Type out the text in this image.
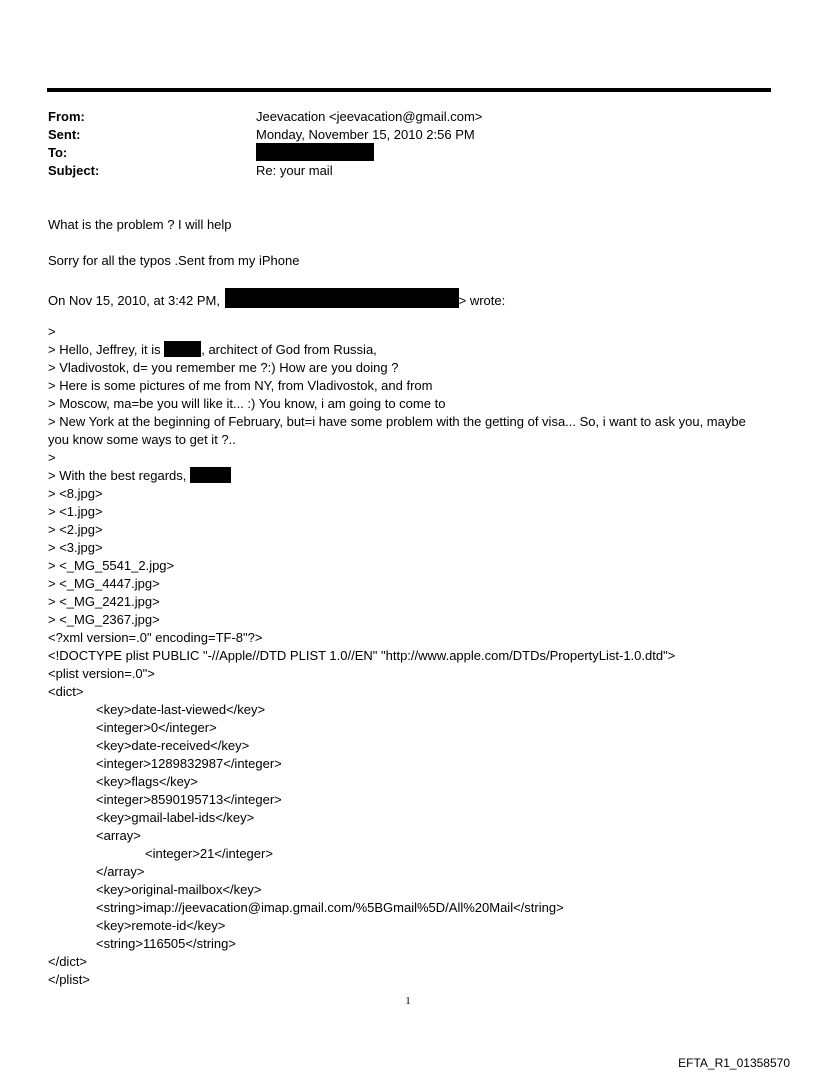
From:	Jeevacation <jeevacation@gmail.com>
Sent:	Monday, November 15, 2010 2:56 PM
To:
Subject:	Re: your mail
What is the problem ? I will help
Sorry for all the typos .Sent from my iPhone
On Nov 15, 2010, at 3:42 PM,	> wrote:
>
> Hello, Jeffrey, it is	, architect of God from Russia,
> Vladivostok, d= you remember me ?:) How are you doing ?
> Here is some pictures of me from NY, from Vladivostok, and from
> Moscow, ma=be you will like it... :) You know, i am going to come to
> New York at the beginning of February, but=i have some problem with the getting of visa... So, i want to ask you, maybe you know some ways to get it ?..
>
> With the best regards,
> <8.jpg>
> <1.jpg>
> <2.jpg>
> <3.jpg>
> <_MG_5541_2.jpg>
> <_MG_4447.jpg>
> <_MG_2421.jpg>
> <_MG_2367.jpg>
<?xml version=.0" encoding=TF-8"?>
<!DOCTYPE plist PUBLIC "-//Apple//DTD PLIST 1.0//EN" "http://www.apple.com/DTDs/PropertyList-1.0.dtd">
<plist version=.0">
<dict>
<key>date-last-viewed</key>
<integer>0</integer>
<key>date-received</key>
<integer>1289832987</integer>
<key>flags</key>
<integer>8590195713</integer>
<key>gmail-label-ids</key>
<array>
<integer>21</integer>
</array>
<key>original-mailbox</key>
<string>imap://jeevacation@imap.gmail.com/%5BGmail%5D/All%20Mail</string>
<key>remote-id</key>
<string>116505</string>
</dict>
</plist>
1
EFTA_R1_01358570
